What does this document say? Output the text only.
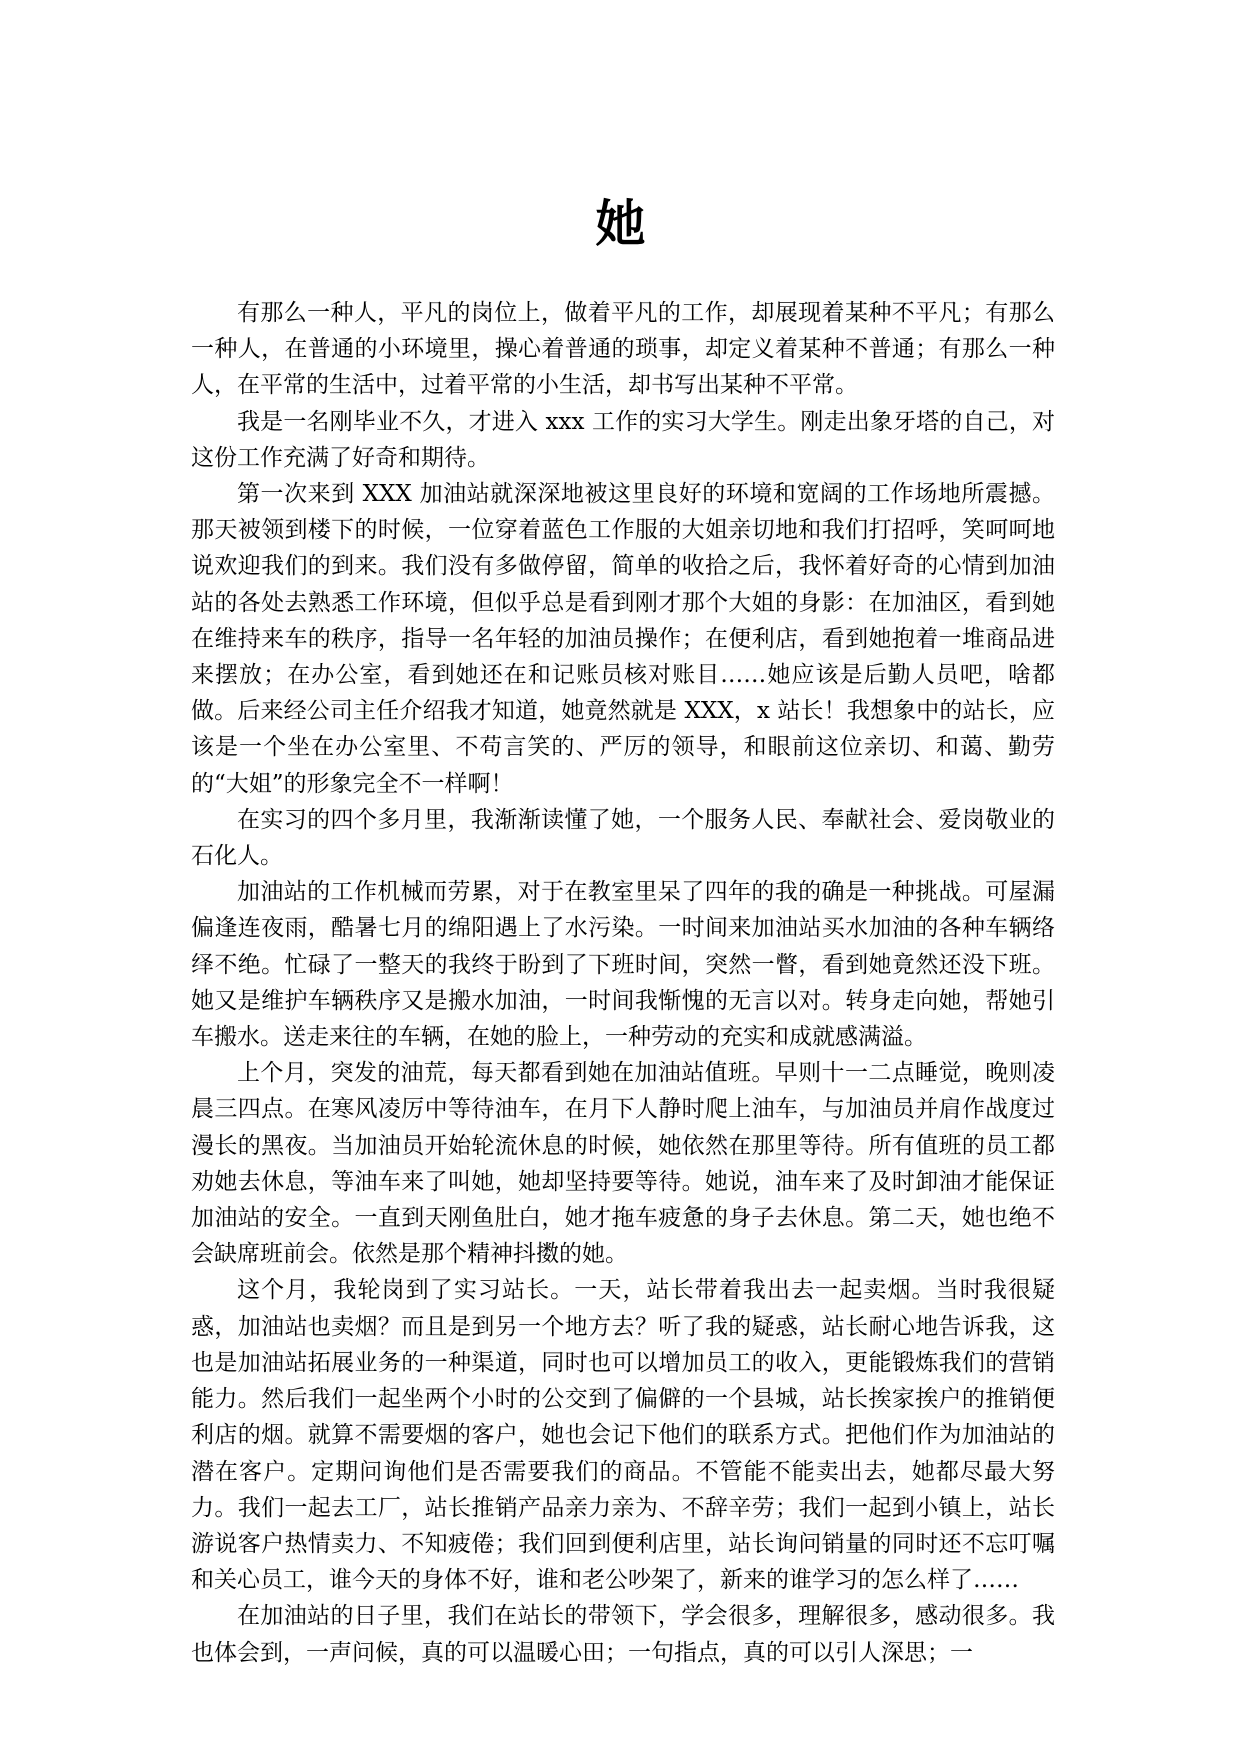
她

有那么一种人，平凡的岗位上，做着平凡的工作，却展现着某种不平凡；有那么一种人，在普通的小环境里，操心着普通的琐事，却定义着某种不普通；有那么一种人，在平常的生活中，过着平常的小生活，却书写出某种不平常。

我是一名刚毕业不久，才进入 xxx 工作的实习大学生。刚走出象牙塔的自己，对这份工作充满了好奇和期待。

第一次来到 XXX 加油站就深深地被这里良好的环境和宽阔的工作场地所震撼。那天被领到楼下的时候，一位穿着蓝色工作服的大姐亲切地和我们打招呼，笑呵呵地说欢迎我们的到来。我们没有多做停留，简单的收拾之后，我怀着好奇的心情到加油站的各处去熟悉工作环境，但似乎总是看到刚才那个大姐的身影：在加油区，看到她在维持来车的秩序，指导一名年轻的加油员操作；在便利店，看到她抱着一堆商品进来摆放；在办公室，看到她还在和记账员核对账目……她应该是后勤人员吧，啥都做。后来经公司主任介绍我才知道，她竟然就是 XXX，x 站长！我想象中的站长，应该是一个坐在办公室里、不苟言笑的、严厉的领导，和眼前这位亲切、和蔼、勤劳的“大姐”的形象完全不一样啊！

在实习的四个多月里，我渐渐读懂了她，一个服务人民、奉献社会、爱岗敬业的石化人。

加油站的工作机械而劳累，对于在教室里呆了四年的我的确是一种挑战。可屋漏偏逢连夜雨，酷暑七月的绵阳遇上了水污染。一时间来加油站买水加油的各种车辆络绎不绝。忙碌了一整天的我终于盼到了下班时间，突然一瞥，看到她竟然还没下班。她又是维护车辆秩序又是搬水加油，一时间我惭愧的无言以对。转身走向她，帮她引车搬水。送走来往的车辆，在她的脸上，一种劳动的充实和成就感满溢。

上个月，突发的油荒，每天都看到她在加油站值班。早则十一二点睡觉，晚则凌晨三四点。在寒风凌厉中等待油车，在月下人静时爬上油车，与加油员并肩作战度过漫长的黑夜。当加油员开始轮流休息的时候，她依然在那里等待。所有值班的员工都劝她去休息，等油车来了叫她，她却坚持要等待。她说，油车来了及时卸油才能保证加油站的安全。一直到天刚鱼肚白，她才拖车疲惫的身子去休息。第二天，她也绝不会缺席班前会。依然是那个精神抖擞的她。

这个月，我轮岗到了实习站长。一天，站长带着我出去一起卖烟。当时我很疑惑，加油站也卖烟？而且是到另一个地方去？听了我的疑惑，站长耐心地告诉我，这也是加油站拓展业务的一种渠道，同时也可以增加员工的收入，更能锻炼我们的营销能力。然后我们一起坐两个小时的公交到了偏僻的一个县城，站长挨家挨户的推销便利店的烟。就算不需要烟的客户，她也会记下他们的联系方式。把他们作为加油站的潜在客户。定期问询他们是否需要我们的商品。不管能不能卖出去，她都尽最大努力。我们一起去工厂，站长推销产品亲力亲为、不辞辛劳；我们一起到小镇上，站长游说客户热情卖力、不知疲倦；我们回到便利店里，站长询问销量的同时还不忘叮嘱和关心员工，谁今天的身体不好，谁和老公吵架了，新来的谁学习的怎么样了……

在加油站的日子里，我们在站长的带领下，学会很多，理解很多，感动很多。我也体会到，一声问候，真的可以温暖心田；一句指点，真的可以引人深思；一
